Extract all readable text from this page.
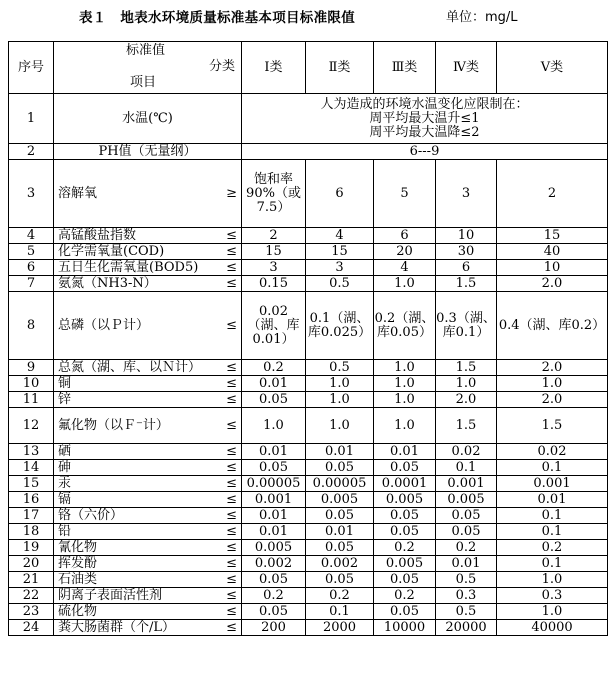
表１　地表水环境质量标准基本项目标准限值	单位：mg/L
序号	标准值
分类
项目	Ⅰ类	Ⅱ类	Ⅲ类	Ⅳ类	Ⅴ类
1	水温(℃)	人为造成的环境水温变化应限制在：
周平均最大温升≤1
周平均最大温降≤2				

2	PH值（无量纲）	6---9				

3	溶解氧 ≥	饱和率90%（或7.5）	6	5	3	2
4	高锰酸盐指数 ≤	2	4	6	10	15
5	化学需氧量(COD) ≤	15	15	20	30	40
6	五日生化需氧量(BOD5) ≤	3	3	4	6	10
7	氨氮（NH3-N） ≤	0.15	0.5	1.0	1.5	2.0
8	总磷（以Ｐ计） ≤	0.02（湖、库0.01）	0.1（湖、库0.025）	0.2（湖、库0.05）	0.3（湖、库0.1）	0.4（湖、库0.2）
9	总氮（湖、库、以Ｎ计） ≤	0.2	0.5	1.0	1.5	2.0
10	铜 ≤	0.01	1.0	1.0	1.0	1.0
11	锌 ≤	0.05	1.0	1.0	2.0	2.0
12	氟化物（以Ｆ⁻计） ≤	1.0	1.0	1.0	1.5	1.5
13	硒 ≤	0.01	0.01	0.01	0.02	0.02
14	砷 ≤	0.05	0.05	0.05	0.1	0.1
15	汞 ≤	0.00005	0.00005	0.0001	0.001	0.001
16	镉 ≤	0.001	0.005	0.005	0.005	0.01
17	铬（六价） ≤	0.01	0.05	0.05	0.05	0.1
18	铅 ≤	0.01	0.01	0.05	0.05	0.1
19	氰化物 ≤	0.005	0.05	0.2	0.2	0.2
20	挥发酚 ≤	0.002	0.002	0.005	0.01	0.1
21	石油类 ≤	0.05	0.05	0.05	0.5	1.0
22	阴离子表面活性剂 ≤	0.2	0.2	0.2	0.3	0.3
23	硫化物 ≤	0.05	0.1	0.05	0.5	1.0
24	粪大肠菌群（个/L） ≤	200	2000	10000	20000	40000
